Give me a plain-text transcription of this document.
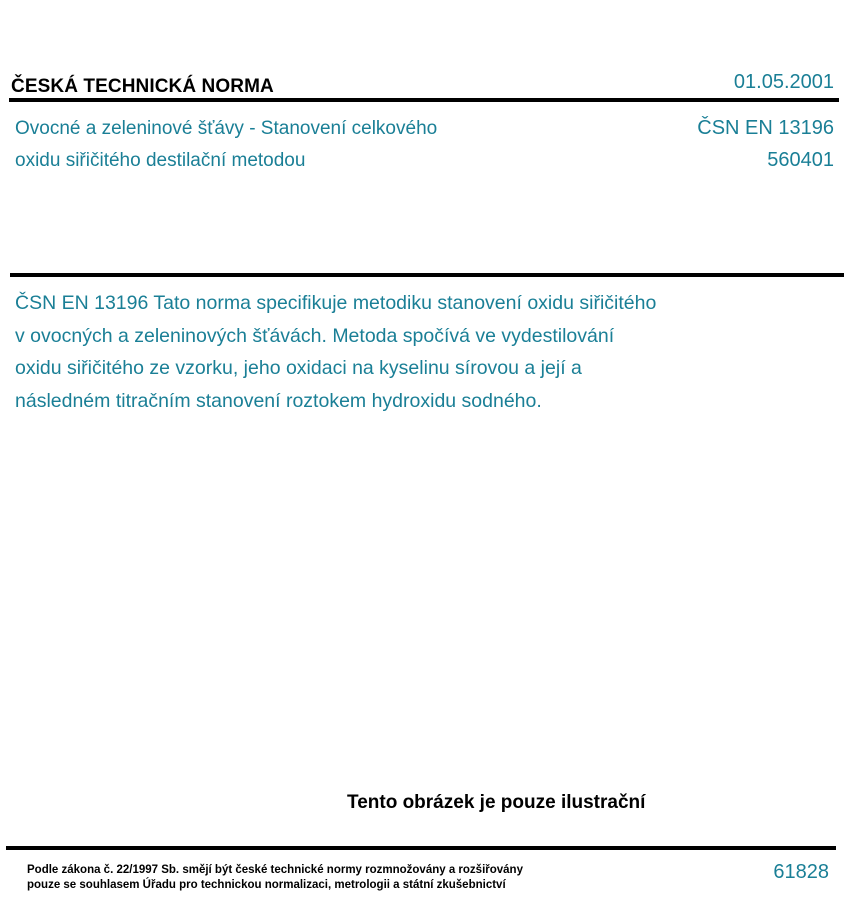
ČESKÁ TECHNICKÁ NORMA	01.05.2001
Ovocné a zeleninové šťávy - Stanovení celkového
oxidu siřičitého destilační metodou
ČSN EN 13196
560401
ČSN EN 13196 Tato norma specifikuje metodiku stanovení oxidu siřičitého
v ovocných a zeleninových šťávách. Metoda spočívá ve vydestilování
oxidu siřičitého ze vzorku, jeho oxidaci na kyselinu sírovou a její a
následném titračním stanovení roztokem hydroxidu sodného.
Tento obrázek je pouze ilustrační
Podle zákona č. 22/1997 Sb. smějí být české technické normy rozmnožovány a rozšiřovány
pouze se souhlasem Úřadu pro technickou normalizaci, metrologii a státní zkušebnictví
61828
